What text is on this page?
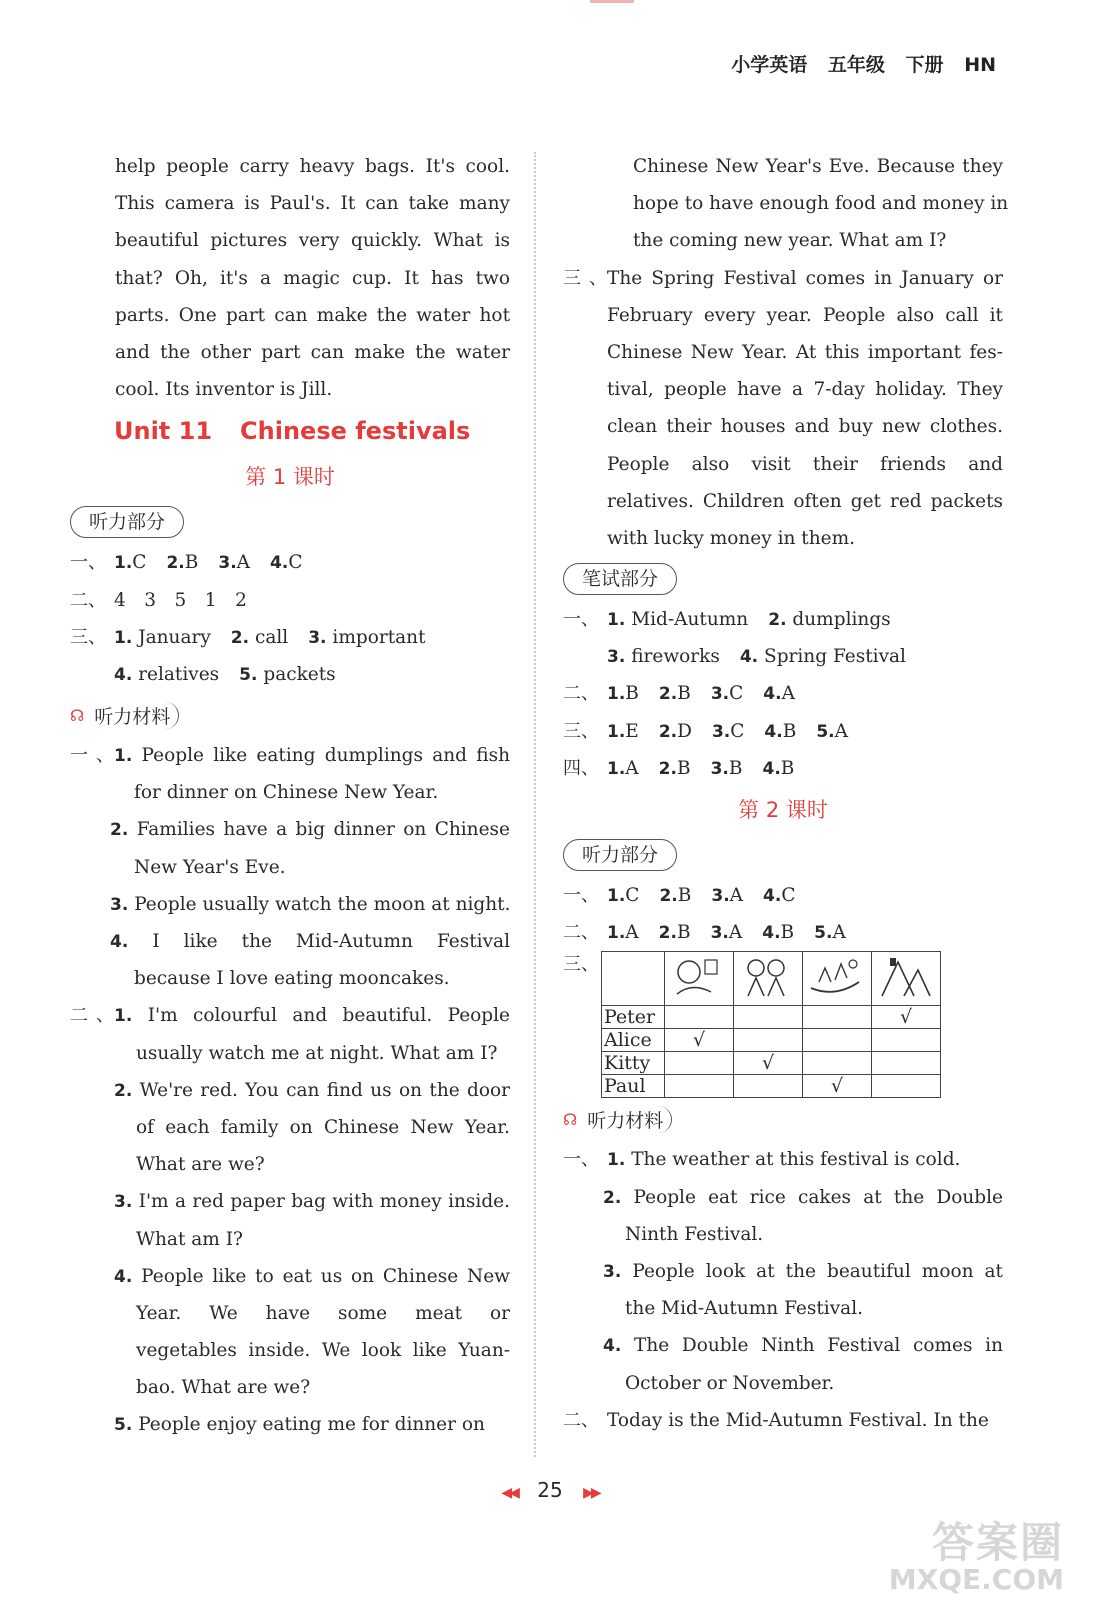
小学英语 五年级 下册 HN
help people carry heavy bags. It's cool.
This camera is Paul's. It can take many
beautiful pictures very quickly. What is
that? Oh, it's a magic cup. It has two
parts. One part can make the water hot
and the other part can make the water
cool. Its inventor is Jill.
Unit 11 Chinese festivals
第 1 课时
听力部分
一、 1.C 2.B 3.A 4.C
二、 4　3　5　1　2
三、 1. January 2. call 3. important
4. relatives 5. packets
☊ 听力材料
一、1. People like eating dumplings and fish
for dinner on Chinese New Year.
2. Families have a big dinner on Chinese
New Year's Eve.
3. People usually watch the moon at night.
4. I like the Mid-Autumn Festival
because I love eating mooncakes.
二、1. I'm colourful and beautiful. People
usually watch me at night. What am I?
2. We're red. You can find us on the door
of each family on Chinese New Year.
What are we?
3. I'm a red paper bag with money inside.
What am I?
4. People like to eat us on Chinese New
Year. We have some meat or
vegetables inside. We look like Yuan-
bao. What are we?
5. People enjoy eating me for dinner on
Chinese New Year's Eve. Because they
hope to have enough food and money in
the coming new year. What am I?
三、The Spring Festival comes in January or
February every year. People also call it
Chinese New Year. At this important fes-
tival, people have a 7-day holiday. They
clean their houses and buy new clothes.
People also visit their friends and
relatives. Children often get red packets
with lucky money in them.
笔试部分
一、 1. Mid-Autumn 2. dumplings
3. fireworks 4. Spring Festival
二、 1.B 2.B 3.C 4.A
三、 1.E 2.D 3.C 4.B 5.A
四、 1.A 2.B 3.B 4.B
第 2 课时
听力部分
一、 1.C 2.B 3.A 4.C
二、 1.A 2.B 3.A 4.B 5.A
三、

Peter				√
Alice	√			
Kitty		√		
Paul			√	
☊ 听力材料
一、 1. The weather at this festival is cold.
2. People eat rice cakes at the Double
Ninth Festival.
3. People look at the beautiful moon at
the Mid-Autumn Festival.
4. The Double Ninth Festival comes in
October or November.
二、 Today is the Mid-Autumn Festival. In the
◀◀ 25 ▶▶
答案圈
MXQE.COM
